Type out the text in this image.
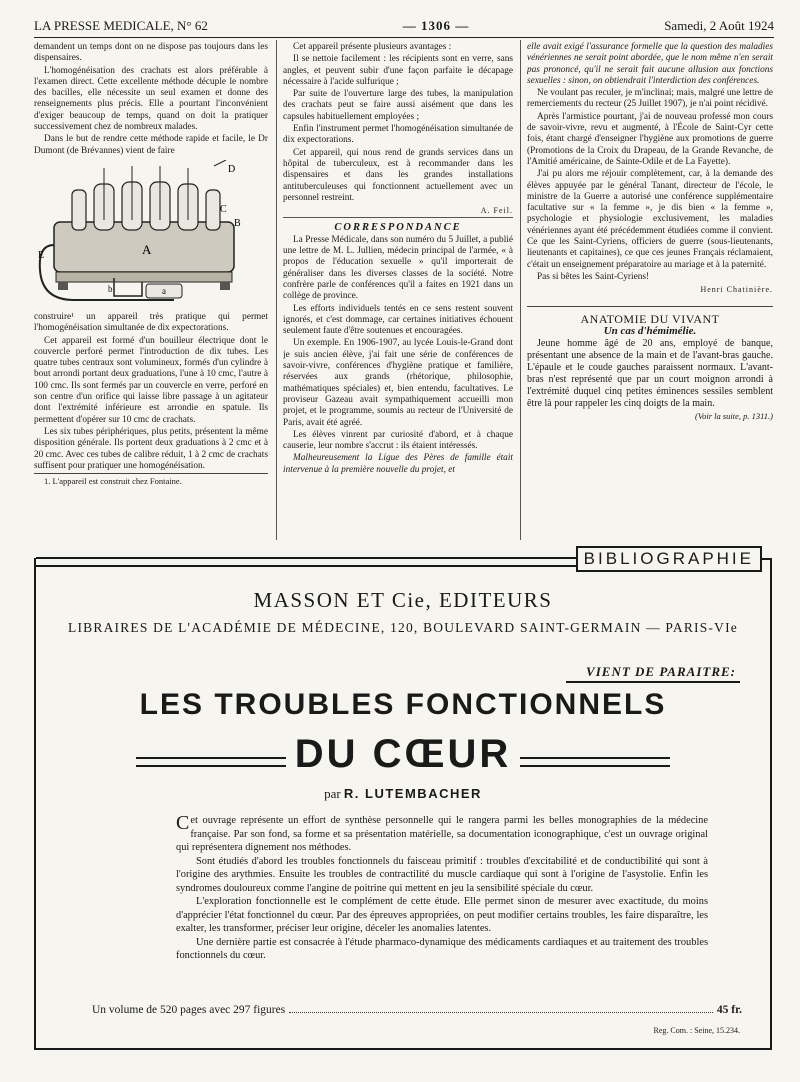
LA PRESSE MEDICALE, N° 62	— 1306 —	Samedi, 2 Août 1924

demandent un temps dont on ne dispose pas toujours dans les dispensaires.

L'homogénéisation des crachats est alors préférable à l'examen direct. Cette excellente méthode décuple le nombre des bacilles, elle nécessite un seul examen et donne des renseignements plus précis. Elle a pourtant l'inconvénient d'exiger beaucoup de temps, quand on doit la pratiquer successivement chez de nombreux malades.

Dans le but de rendre cette méthode rapide et facile, le Dr Dumont (de Brévannes) vient de faire

D
C
B
E	A
b	a

construire¹ un appareil très pratique qui permet l'homogénéisation simultanée de dix expectorations.

Cet appareil est formé d'un bouilleur électrique dont le couvercle perforé permet l'introduction de dix tubes. Les quatre tubes centraux sont volumineux, formés d'un cylindre à bout arrondi portant deux graduations, l'une à 10 cmc, l'autre à 100 cmc. Ils sont fermés par un couvercle en verre, perforé en son centre d'un orifice qui laisse libre passage à un agitateur dont l'extrémité inférieure est arrondie en spatule. Ils permettent d'opérer sur 10 cmc de crachats.

Les six tubes périphériques, plus petits, présentent la même disposition générale. Ils portent deux graduations à 2 cmc et à 20 cmc. Avec ces tubes de calibre réduit, 1 à 2 cmc de crachats suffisent pour pratiquer une homogénéisation.

1. L'appareil est construit chez Fontaine.

Cet appareil présente plusieurs avantages :

Il se nettoie facilement : les récipients sont en verre, sans angles, et peuvent subir d'une façon parfaite le décapage nécessaire à l'acide sulfurique ;

Par suite de l'ouverture large des tubes, la manipulation des crachats peut se faire aussi aisément que dans les capsules habituellement employées ;

Enfin l'instrument permet l'homogénéisation simultanée de dix expectorations.

Cet appareil, qui nous rend de grands services dans un hôpital de tuberculeux, est à recommander dans les dispensaires et dans les grandes installations antituberculeuses qui fonctionnent actuellement avec un personnel restreint.

A. Feil.

CORRESPONDANCE

La Presse Médicale, dans son numéro du 5 Juillet, a publié une lettre de M. L. Jullien, médecin principal de l'armée, « à propos de l'éducation sexuelle » qu'il importerait de généraliser dans les diverses classes de la société. Notre confrère parle de conférences qu'il a faites en 1921 dans un collège de province.

Les efforts individuels tentés en ce sens restent souvent ignorés, et c'est dommage, car certaines initiatives échouent seulement faute d'être soutenues et encouragées.

Un exemple. En 1906-1907, au lycée Louis-le-Grand dont je suis ancien élève, j'ai fait une série de conférences de savoir-vivre, conférences d'hygiène pratique et familière, réservées aux grands (rhétorique, philosophie, mathématiques spéciales) et, bien entendu, facultatives. Le proviseur Gazeau avait sympathiquement accueilli mon projet, et le programme, soumis au recteur de l'Université de Paris, avait été agréé.

Les élèves vinrent par curiosité d'abord, et à chaque causerie, leur nombre s'accrut : ils étaient intéressés.

Malheureusement la Ligue des Pères de famille était intervenue à la première nouvelle du projet, et

elle avait exigé l'assurance formelle que la question des maladies vénériennes ne serait point abordée, que le nom même n'en serait pas prononcé, qu'il ne serait fait aucune allusion aux fonctions sexuelles : sinon, on obtiendrait l'interdiction des conférences.

Ne voulant pas reculer, je m'inclinai; mais, malgré une lettre de remerciements du recteur (25 Juillet 1907), je n'ai point récidivé.

Après l'armistice pourtant, j'ai de nouveau professé mon cours de savoir-vivre, revu et augmenté, à l'École de Saint-Cyr cette fois, étant chargé d'enseigner l'hygiène aux promotions de guerre (Promotions de la Croix du Drapeau, de la Grande Revanche, de l'Amitié américaine, de Sainte-Odile et de La Fayette).

J'ai pu alors me réjouir complètement, car, à la demande des élèves appuyée par le général Tanant, directeur de l'école, le ministre de la Guerre a autorisé une conférence supplémentaire facultative sur « la femme », je dis bien « la femme », psychologie et physiologie exclusivement, les maladies vénériennes ayant été précédemment étudiées comme il convient. Ce que les Saint-Cyriens, officiers de guerre (sous-lieutenants, lieutenants et capitaines), ce que ces jeunes Français réclamaient, c'était un enseignement préparatoire au mariage et à la paternité.

Pas si bêtes les Saint-Cyriens!

Henri Chatinière.

ANATOMIE DU VIVANT

Un cas d'hémimélie.

Jeune homme âgé de 20 ans, employé de banque, présentant une absence de la main et de l'avant-bras gauche. L'épaule et le coude gauches paraissent normaux. L'avant-bras n'est représenté que par un court moignon arrondi à l'extrémité duquel cinq petites éminences sessiles semblent être là pour rappeler les cinq doigts de la main.

(Voir la suite, p. 1311.)

BIBLIOGRAPHIE
MASSON ET Cie, EDITEURS
LIBRAIRES DE L'ACADÉMIE DE MÉDECINE, 120, BOULEVARD SAINT-GERMAIN — PARIS-VIe
VIENT DE PARAITRE:
LES TROUBLES FONCTIONNELS
DU CŒUR
par R. LUTEMBACHER

Cet ouvrage représente un effort de synthèse personnelle qui le rangera parmi les belles monographies de la médecine française. Par son fond, sa forme et sa présentation matérielle, sa documentation iconographique, c'est un ouvrage original qui représentera dignement nos méthodes.

Sont étudiés d'abord les troubles fonctionnels du faisceau primitif : troubles d'excitabilité et de conductibilité qui sont à l'origine des arythmies. Ensuite les troubles de contractilité du muscle cardiaque qui sont à l'origine de l'asystolie. Enfin les syndromes douloureux comme l'angine de poitrine qui mettent en jeu la sensibilité spéciale du cœur.

L'exploration fonctionnelle est le complément de cette étude. Elle permet sinon de mesurer avec exactitude, du moins d'apprécier l'état fonctionnel du cœur. Par des épreuves appropriées, on peut modifier certains troubles, les faire disparaître, les exalter, les transformer, préciser leur origine, déceler les anomalies latentes.

Une dernière partie est consacrée à l'étude pharmaco-dynamique des médicaments cardiaques et au traitement des troubles fonctionnels du cœur.

Un volume de 520 pages avec 297 figures	45 fr.
Reg. Com. : Seine, 15.234.
